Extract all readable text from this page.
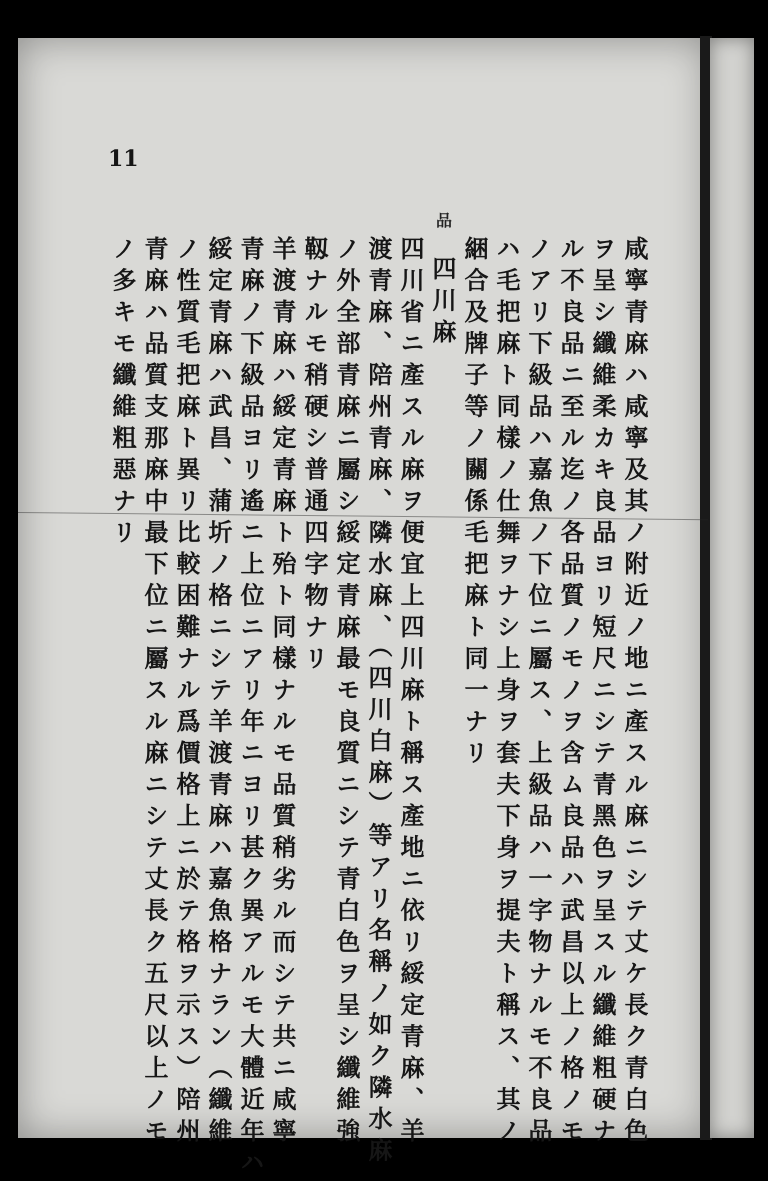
11
品
咸寧青麻ハ咸寧及其ノ附近ノ地ニ產スル麻ニシテ丈ケ長ク青白色
ヲ呈シ纖維柔カキ良品ヨリ短尺ニシテ青黑色ヲ呈スル纖維粗硬ナ
ル不良品ニ至ル迄ノ各品質ノモノヲ含ム良品ハ武昌以上ノ格ノモ
ノアリ下級品ハ嘉魚ノ下位ニ屬ス、上級品ハ一字物ナルモ不良品
ハ毛把麻ト同樣ノ仕舞ヲナシ上身ヲ套夫下身ヲ提夫ト稱ス、其ノ
綑合及牌子等ノ關係毛把麻ト同一ナリ
四川麻
四川省ニ產スル麻ヲ便宜上四川麻ト稱ス產地ニ依リ綏定青麻、羊
渡青麻、陪州青麻、隣水麻、（四川白麻）等アリ名稱ノ如ク隣水麻
ノ外全部青麻ニ屬シ綏定青麻最モ良質ニシテ青白色ヲ呈シ纖維強
靱ナルモ稍硬シ普通四字物ナリ
羊渡青麻ハ綏定青麻ト殆ト同樣ナルモ品質稍劣ル而シテ共ニ咸寧
青麻ノ下級品ヨリ遙ニ上位ニアリ年ニヨリ甚ク異アルモ大體近年ハ
綏定青麻ハ武昌、蒲圻ノ格ニシテ羊渡青麻ハ嘉魚格ナラン（纖維
ノ性質毛把麻ト異リ比較困難ナル爲價格上ニ於テ格ヲ示ス）陪州
青麻ハ品質支那麻中最下位ニ屬スル麻ニシテ丈長ク五尺以上ノモ
ノ多キモ纖維粗惡ナリ
